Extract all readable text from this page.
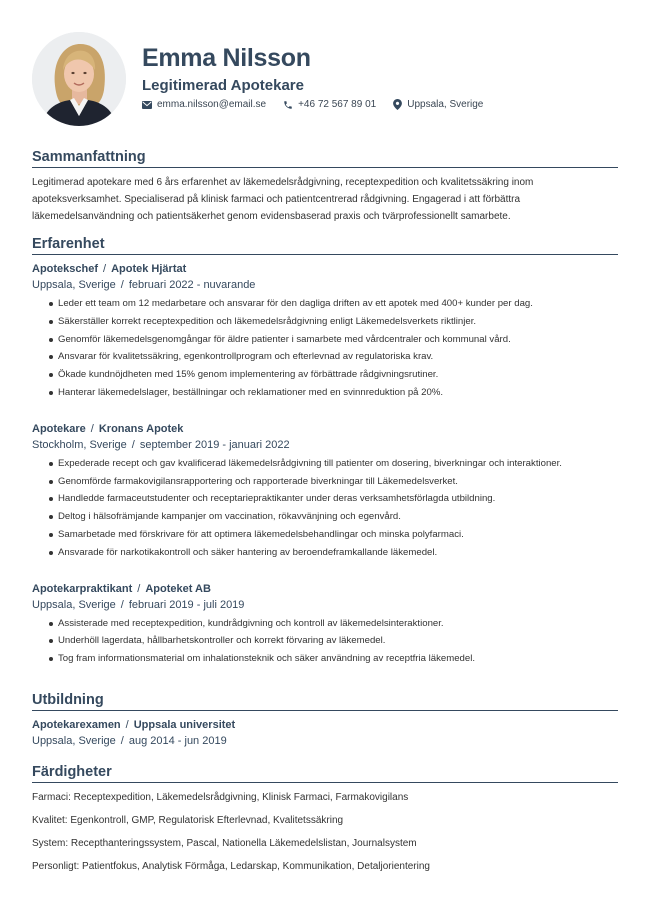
Emma Nilsson
Legitimerad Apotekare
emma.nilsson@email.se	+46 72 567 89 01	Uppsala, Sverige
Sammanfattning
Legitimerad apotekare med 6 års erfarenhet av läkemedelsrådgivning, receptexpedition och kvalitetssäkring inom apoteksverksamhet. Specialiserad på klinisk farmaci och patientcentrerad rådgivning. Engagerad i att förbättra läkemedelsanvändning och patientsäkerhet genom evidensbaserad praxis och tvärprofessionellt samarbete.
Erfarenhet
Apotekschef / Apotek Hjärtat
Uppsala, Sverige / februari 2022 - nuvarande
Leder ett team om 12 medarbetare och ansvarar för den dagliga driften av ett apotek med 400+ kunder per dag.
Säkerställer korrekt receptexpedition och läkemedelsrådgivning enligt Läkemedelsverkets riktlinjer.
Genomför läkemedelsgenomgångar för äldre patienter i samarbete med vårdcentraler och kommunal vård.
Ansvarar för kvalitetssäkring, egenkontrollprogram och efterlevnad av regulatoriska krav.
Ökade kundnöjdheten med 15% genom implementering av förbättrade rådgivningsrutiner.
Hanterar läkemedelslager, beställningar och reklamationer med en svinnreduktion på 20%.
Apotekare / Kronans Apotek
Stockholm, Sverige / september 2019 - januari 2022
Expederade recept och gav kvalificerad läkemedelsrådgivning till patienter om dosering, biverkningar och interaktioner.
Genomförde farmakovigilansrapportering och rapporterade biverkningar till Läkemedelsverket.
Handledde farmaceutstudenter och receptariepraktikanter under deras verksamhetsförlagda utbildning.
Deltog i hälsofrämjande kampanjer om vaccination, rökavvänjning och egenvård.
Samarbetade med förskrivare för att optimera läkemedelsbehandlingar och minska polyfarmaci.
Ansvarade för narkotikakontroll och säker hantering av beroendeframkallande läkemedel.
Apotekarpraktikant / Apoteket AB
Uppsala, Sverige / februari 2019 - juli 2019
Assisterade med receptexpedition, kundrådgivning och kontroll av läkemedelsinteraktioner.
Underhöll lagerdata, hållbarhetskontroller och korrekt förvaring av läkemedel.
Tog fram informationsmaterial om inhalationsteknik och säker användning av receptfria läkemedel.
Utbildning
Apotekarexamen / Uppsala universitet
Uppsala, Sverige / aug 2014 - jun 2019
Färdigheter
Farmaci: Receptexpedition, Läkemedelsrådgivning, Klinisk Farmaci, Farmakovigilans
Kvalitet: Egenkontroll, GMP, Regulatorisk Efterlevnad, Kvalitetssäkring
System: Recepthanteringssystem, Pascal, Nationella Läkemedelslistan, Journalsystem
Personligt: Patientfokus, Analytisk Förmåga, Ledarskap, Kommunikation, Detaljorientering
